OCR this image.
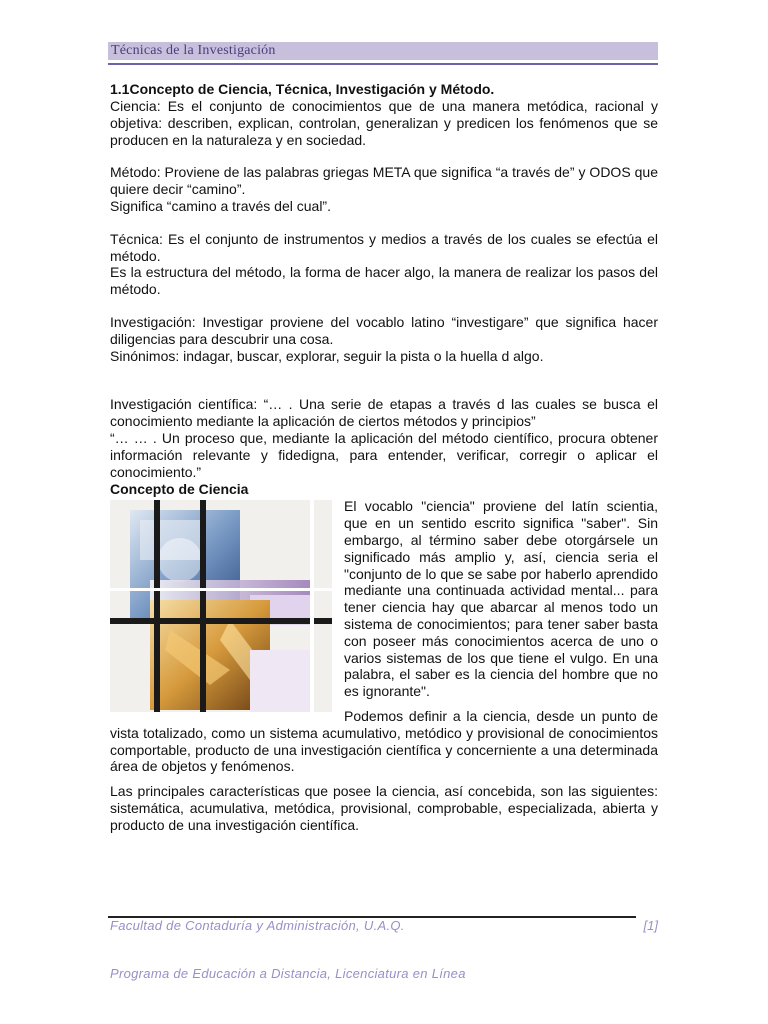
Técnicas de la Investigación

1.1Concepto de Ciencia, Técnica, Investigación y Método.

Ciencia: Es el conjunto de conocimientos que de una manera metódica, racional y objetiva: describen, explican, controlan, generalizan y predicen los fenómenos que se producen en la naturaleza y en sociedad.

Método: Proviene de las palabras griegas META que significa “a través de” y ODOS que quiere decir “camino”.

Significa “camino a través del cual”.

Técnica: Es el conjunto de instrumentos y medios a través de los cuales se efectúa el método.

Es la estructura del método, la forma de hacer algo, la manera de realizar los pasos del método.

Investigación: Investigar proviene del vocablo latino “investigare” que significa hacer diligencias para descubrir una cosa.

Sinónimos: indagar, buscar, explorar, seguir la pista o la huella d algo.

Investigación científica: “… . Una serie de etapas a través d las cuales se busca el conocimiento mediante la aplicación de ciertos métodos y principios”

“… … . Un proceso que, mediante la aplicación del método científico, procura obtener información relevante y fidedigna, para entender, verificar, corregir o aplicar el conocimiento.”

Concepto de Ciencia

El vocablo "ciencia" proviene del latín scientia, que en un sentido escrito significa "saber". Sin embargo, al término saber debe otorgársele un significado más amplio y, así, ciencia seria el "conjunto de lo que se sabe por haberlo aprendido mediante una continuada actividad mental... para tener ciencia hay que abarcar al menos todo un sistema de conocimientos; para tener saber basta con poseer más conocimientos acerca de uno o varios sistemas de los que tiene el vulgo. En una palabra, el saber es la ciencia del hombre que no es ignorante".

Podemos definir a la ciencia, desde un punto de vista totalizado, como un sistema acumulativo, metódico y provisional de conocimientos comportable, producto de una investigación científica y concerniente a una determinada área de objetos y fenómenos.

Las principales características que posee la ciencia, así concebida, son las siguientes: sistemática, acumulativa, metódica, provisional, comprobable, especializada, abierta y producto de una investigación científica.

Facultad de Contaduría y Administración, U.A.Q.	[1]
Programa de Educación a Distancia, Licenciatura en Línea
